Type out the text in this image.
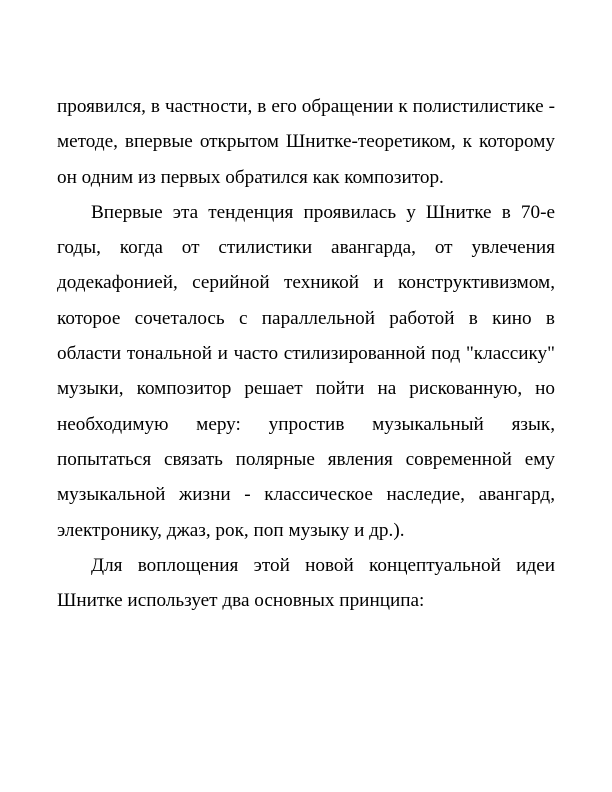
проявился, в частности, в его обращении к полистилистике - методе, впервые открытом Шнитке-теоретиком, к которому он одним из первых обратился как композитор.

Впервые эта тенденция проявилась у Шнитке в 70-е годы, когда от стилистики авангарда, от увлечения додекафонией, серийной техникой и конструктивизмом, которое сочеталось с параллельной работой в кино в области тональной и часто стилизированной под "классику" музыки, композитор решает пойти на рискованную, но необходимую меру: упростив музыкальный язык, попытаться связать полярные явления современной ему музыкальной жизни - классическое наследие, авангард, электронику, джаз, рок, поп музыку и др.).

Для воплощения этой новой концептуальной идеи Шнитке использует два основных принципа:
